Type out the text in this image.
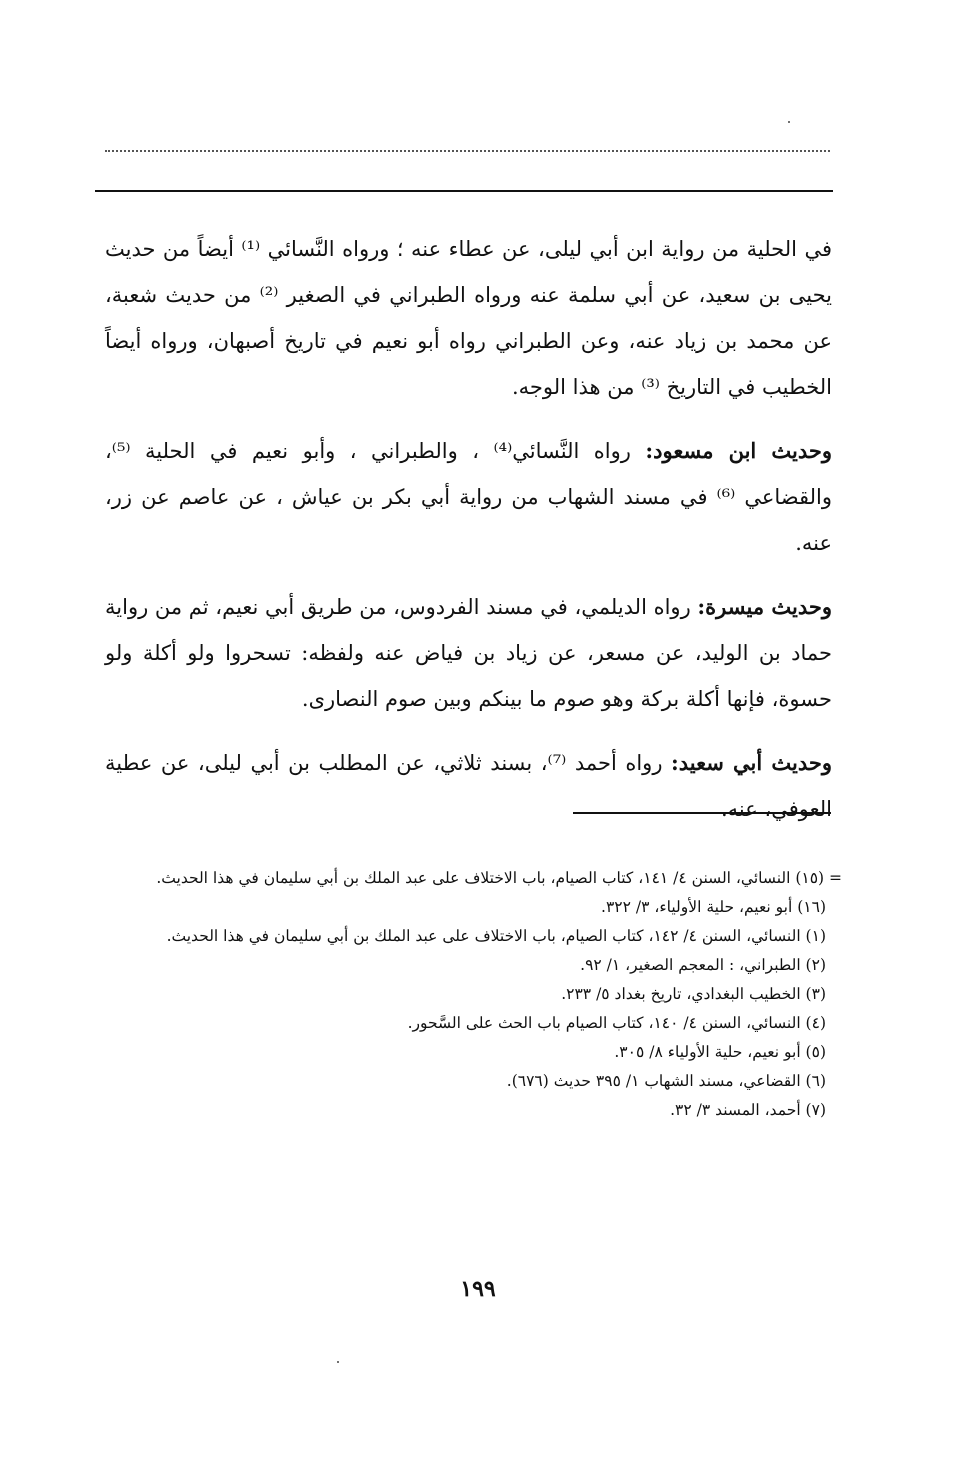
في الحلية من رواية ابن أبي ليلى، عن عطاء عنه ؛ ورواه النَّسائي ⁽¹⁾ أيضاً من حديث يحيى بن سعيد، عن أبي سلمة عنه ورواه الطبراني في الصغير ⁽²⁾ من حديث شعبة، عن محمد بن زياد عنه، وعن الطبراني رواه أبو نعيم في تاريخ أصبهان، ورواه أيضاً الخطيب في التاريخ ⁽³⁾ من هذا الوجه.

وحديث ابن مسعود: رواه النَّسائي⁽⁴⁾ ، والطبراني ، وأبو نعيم في الحلية ⁽⁵⁾، والقضاعي ⁽⁶⁾ في مسند الشهاب من رواية أبي بكر بن عياش ، عن عاصم عن زر، عنه.

وحديث ميسرة: رواه الديلمي، في مسند الفردوس، من طريق أبي نعيم، ثم من رواية حماد بن الوليد، عن مسعر، عن زياد بن فياض عنه ولفظه: تسحروا ولو أكلة ولو حسوة، فإنها أكلة بركة وهو صوم ما بينكم وبين صوم النصارى.

وحديث أبي سعيد: رواه أحمد ⁽⁷⁾، بسند ثلاثي، عن المطلب بن أبي ليلى، عن عطية العوفي، عنه.

= (١٥) النسائي، السنن ٤/ ١٤١، كتاب الصيام، باب الاختلاف على عبد الملك بن أبي سليمان في هذا الحديث.

(١٦) أبو نعيم، حلية الأولياء، ٣/ ٣٢٢.

(١) النسائي، السنن ٤/ ١٤٢، كتاب الصيام، باب الاختلاف على عبد الملك بن أبي سليمان في هذا الحديث.

(٢) الطبراني، : المعجم الصغير، ١/ ٩٢.

(٣) الخطيب البغدادي، تاريخ بغداد ٥/ ٢٣٣.

(٤) النسائي، السنن ٤/ ١٤٠، كتاب الصيام باب الحث على السَّحور.

(٥) أبو نعيم، حلية الأولياء ٨/ ٣٠٥.

(٦) القضاعي، مسند الشهاب ١/ ٣٩٥ حديث (٦٧٦).

(٧) أحمد، المسند ٣/ ٣٢.

١٩٩
